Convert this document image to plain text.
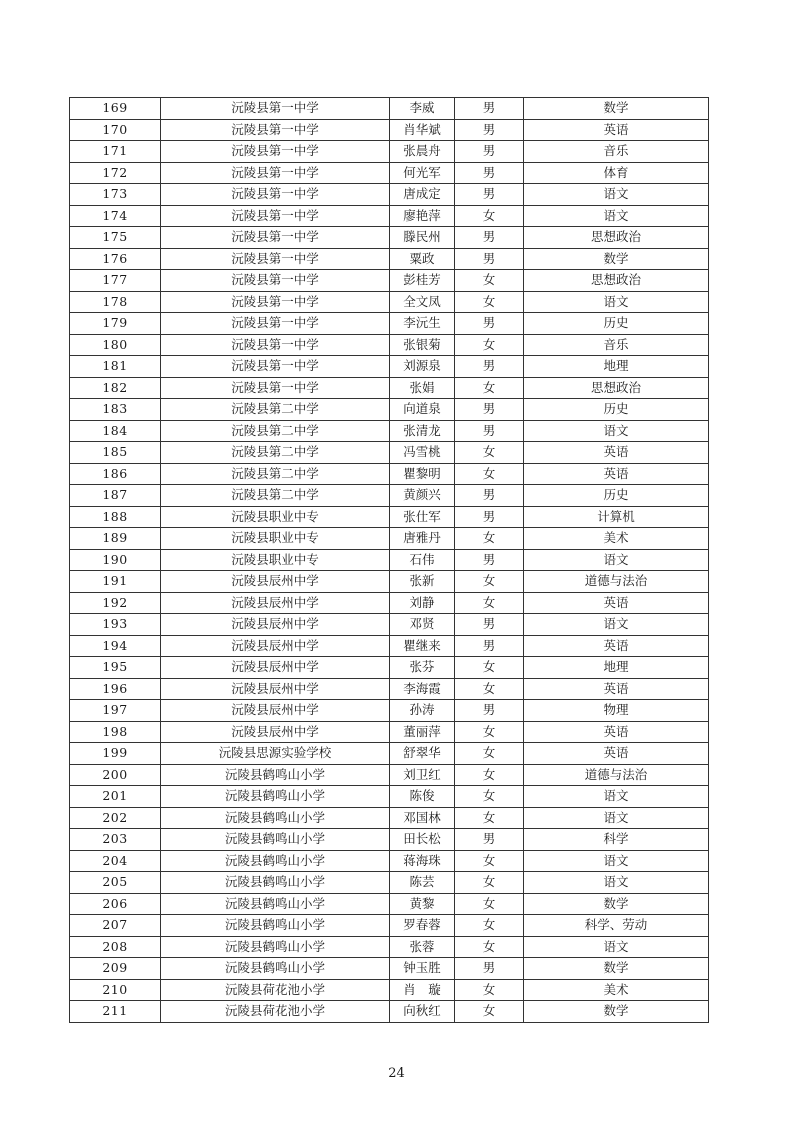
169	沅陵县第一中学	李威	男	数学
170	沅陵县第一中学	肖华斌	男	英语
171	沅陵县第一中学	张晨舟	男	音乐
172	沅陵县第一中学	何光军	男	体育
173	沅陵县第一中学	唐成定	男	语文
174	沅陵县第一中学	廖艳萍	女	语文
175	沅陵县第一中学	滕民州	男	思想政治
176	沅陵县第一中学	粟政	男	数学
177	沅陵县第一中学	彭桂芳	女	思想政治
178	沅陵县第一中学	全文凤	女	语文
179	沅陵县第一中学	李沅生	男	历史
180	沅陵县第一中学	张银菊	女	音乐
181	沅陵县第一中学	刘源泉	男	地理
182	沅陵县第一中学	张娟	女	思想政治
183	沅陵县第二中学	向道泉	男	历史
184	沅陵县第二中学	张清龙	男	语文
185	沅陵县第二中学	冯雪桃	女	英语
186	沅陵县第二中学	瞿黎明	女	英语
187	沅陵县第二中学	黄颜兴	男	历史
188	沅陵县职业中专	张仕军	男	计算机
189	沅陵县职业中专	唐雅丹	女	美术
190	沅陵县职业中专	石伟	男	语文
191	沅陵县辰州中学	张新	女	道德与法治
192	沅陵县辰州中学	刘静	女	英语
193	沅陵县辰州中学	邓贤	男	语文
194	沅陵县辰州中学	瞿继来	男	英语
195	沅陵县辰州中学	张芬	女	地理
196	沅陵县辰州中学	李海霞	女	英语
197	沅陵县辰州中学	孙涛	男	物理
198	沅陵县辰州中学	董丽萍	女	英语
199	沅陵县思源实验学校	舒翠华	女	英语
200	沅陵县鹤鸣山小学	刘卫红	女	道德与法治
201	沅陵县鹤鸣山小学	陈俊	女	语文
202	沅陵县鹤鸣山小学	邓国林	女	语文
203	沅陵县鹤鸣山小学	田长松	男	科学
204	沅陵县鹤鸣山小学	蒋海珠	女	语文
205	沅陵县鹤鸣山小学	陈芸	女	语文
206	沅陵县鹤鸣山小学	黄黎	女	数学
207	沅陵县鹤鸣山小学	罗春蓉	女	科学、劳动
208	沅陵县鹤鸣山小学	张蓉	女	语文
209	沅陵县鹤鸣山小学	钟玉胜	男	数学
210	沅陵县荷花池小学	肖　璇	女	美术
211	沅陵县荷花池小学	向秋红	女	数学
24
